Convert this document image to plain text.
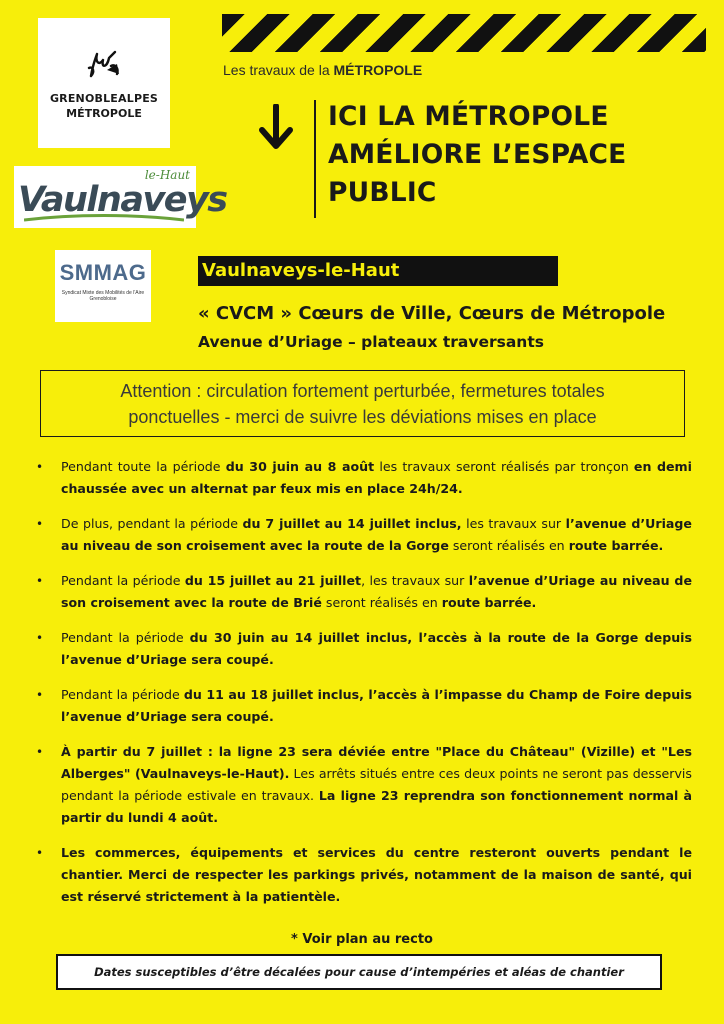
GRENOBLEALPES
MÉTROPOLE
le-Haut
Vaulnaveys
SMMAG
Syndicat Mixte des Mobilités de l'Aire Grenobloise
Les travaux de la MÉTROPOLE
ICI LA MÉTROPOLE
AMÉLIORE L’ESPACE
PUBLIC
Vaulnaveys-le-Haut
« CVCM » Cœurs de Ville, Cœurs de Métropole
Avenue d’Uriage – plateaux traversants
Attention : circulation fortement perturbée, fermetures totales
ponctuelles - merci de suivre les déviations mises en place
• Pendant toute la période du 30 juin au 8 août les travaux seront réalisés par tronçon en demi chaussée avec un alternat par feux mis en place 24h/24.
• De plus, pendant la période du 7 juillet au 14 juillet inclus, les travaux sur l’avenue d’Uriage au niveau de son croisement avec la route de la Gorge seront réalisés en route barrée.
• Pendant la période du 15 juillet au 21 juillet, les travaux sur l’avenue d’Uriage au niveau de son croisement avec la route de Brié seront réalisés en route barrée.
• Pendant la période du 30 juin au 14 juillet inclus, l’accès à la route de la Gorge depuis l’avenue d’Uriage sera coupé.
• Pendant la période du 11 au 18 juillet inclus, l’accès à l’impasse du Champ de Foire depuis l’avenue d’Uriage sera coupé.
• À partir du 7 juillet : la ligne 23 sera déviée entre "Place du Château" (Vizille) et "Les Alberges" (Vaulnaveys-le-Haut). Les arrêts situés entre ces deux points ne seront pas desservis pendant la période estivale en travaux. La ligne 23 reprendra son fonctionnement normal à partir du lundi 4 août.
• Les commerces, équipements et services du centre resteront ouverts pendant le chantier. Merci de respecter les parkings privés, notamment de la maison de santé, qui est réservé strictement à la patientèle.
* Voir plan au recto
Dates susceptibles d’être décalées pour cause d’intempéries et aléas de chantier
